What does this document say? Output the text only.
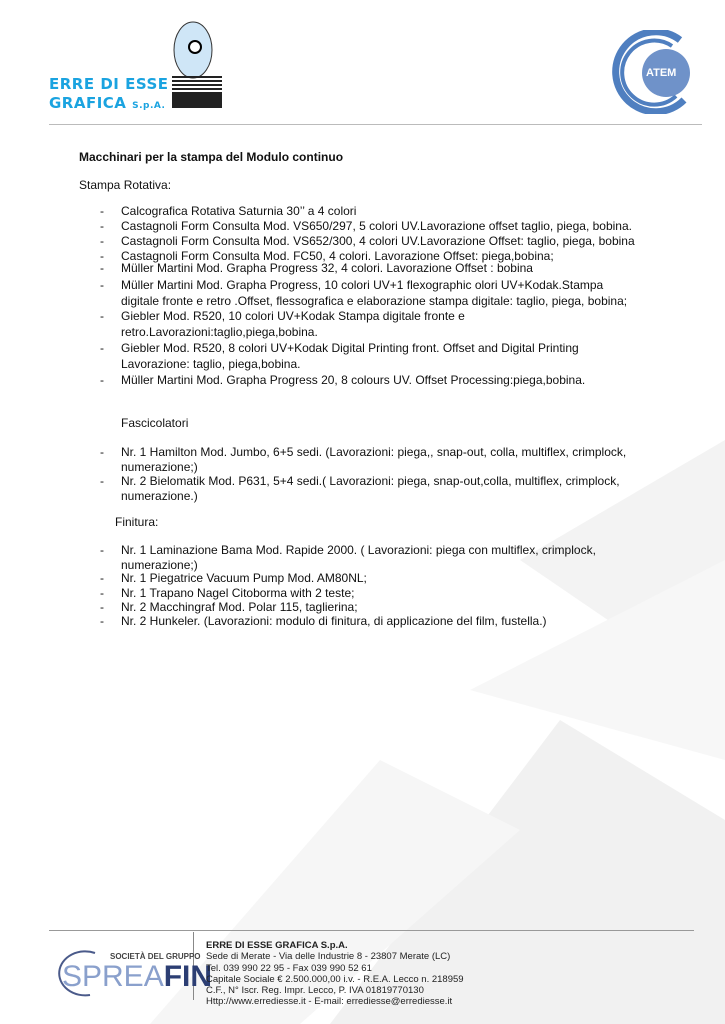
ERRE DI ESSE
GRAFICA S.p.A.
ATEM
Macchinari per la stampa del Modulo continuo
Stampa Rotativa:
- Calcografica Rotativa Saturnia 30’’ a 4 colori
- Castagnoli Form Consulta Mod. VS650/297, 5 colori UV.Lavorazione offset taglio, piega, bobina.
- Castagnoli Form Consulta Mod. VS652/300, 4 colori UV.Lavorazione Offset: taglio, piega, bobina
- Castagnoli Form Consulta Mod. FC50, 4 colori. Lavorazione Offset: piega,bobina;
- Müller Martini Mod. Grapha Progress 32, 4 colori. Lavorazione Offset : bobina
- Müller Martini Mod. Grapha Progress, 10 colori UV+1 flexographic olori UV+Kodak.Stampa
digitale fronte e retro .Offset, flessografica e elaborazione stampa digitale: taglio, piega, bobina;
- Giebler Mod. R520, 10 colori UV+Kodak Stampa digitale fronte e
retro.Lavorazioni:taglio,piega,bobina.
- Giebler Mod. R520, 8 colori UV+Kodak Digital Printing front. Offset and Digital Printing
Lavorazione: taglio, piega,bobina.
- Müller Martini Mod. Grapha Progress 20, 8 colours UV. Offset Processing:piega,bobina.
Fascicolatori
- Nr. 1 Hamilton Mod. Jumbo, 6+5 sedi. (Lavorazioni: piega,, snap-out, colla, multiflex, crimplock,
numerazione;)
- Nr. 2 Bielomatik Mod. P631, 5+4 sedi.( Lavorazioni: piega, snap-out,colla, multiflex, crimplock,
numerazione.)
Finitura:
- Nr. 1 Laminazione Bama Mod. Rapide 2000. ( Lavorazioni: piega con multiflex, crimplock,
numerazione;)
- Nr. 1 Piegatrice Vacuum Pump Mod. AM80NL;
- Nr. 1 Trapano Nagel Citoborma with 2 teste;
- Nr. 2 Macchingraf Mod. Polar 115, taglierina;
- Nr. 2 Hunkeler. (Lavorazioni: modulo di finitura, di applicazione del film, fustella.)
SOCIETÀ DEL GRUPPO
SPREAFIN
ERRE DI ESSE GRAFICA S.p.A.
Sede di Merate - Via delle Industrie 8 - 23807 Merate (LC)
Tel. 039 990 22 95 - Fax 039 990 52 61
Capitale Sociale € 2.500.000,00 i.v. - R.E.A. Lecco n. 218959
C.F., N° Iscr. Reg. Impr. Lecco, P. IVA 01819770130
Http://www.errediesse.it - E-mail: errediesse@errediesse.it
